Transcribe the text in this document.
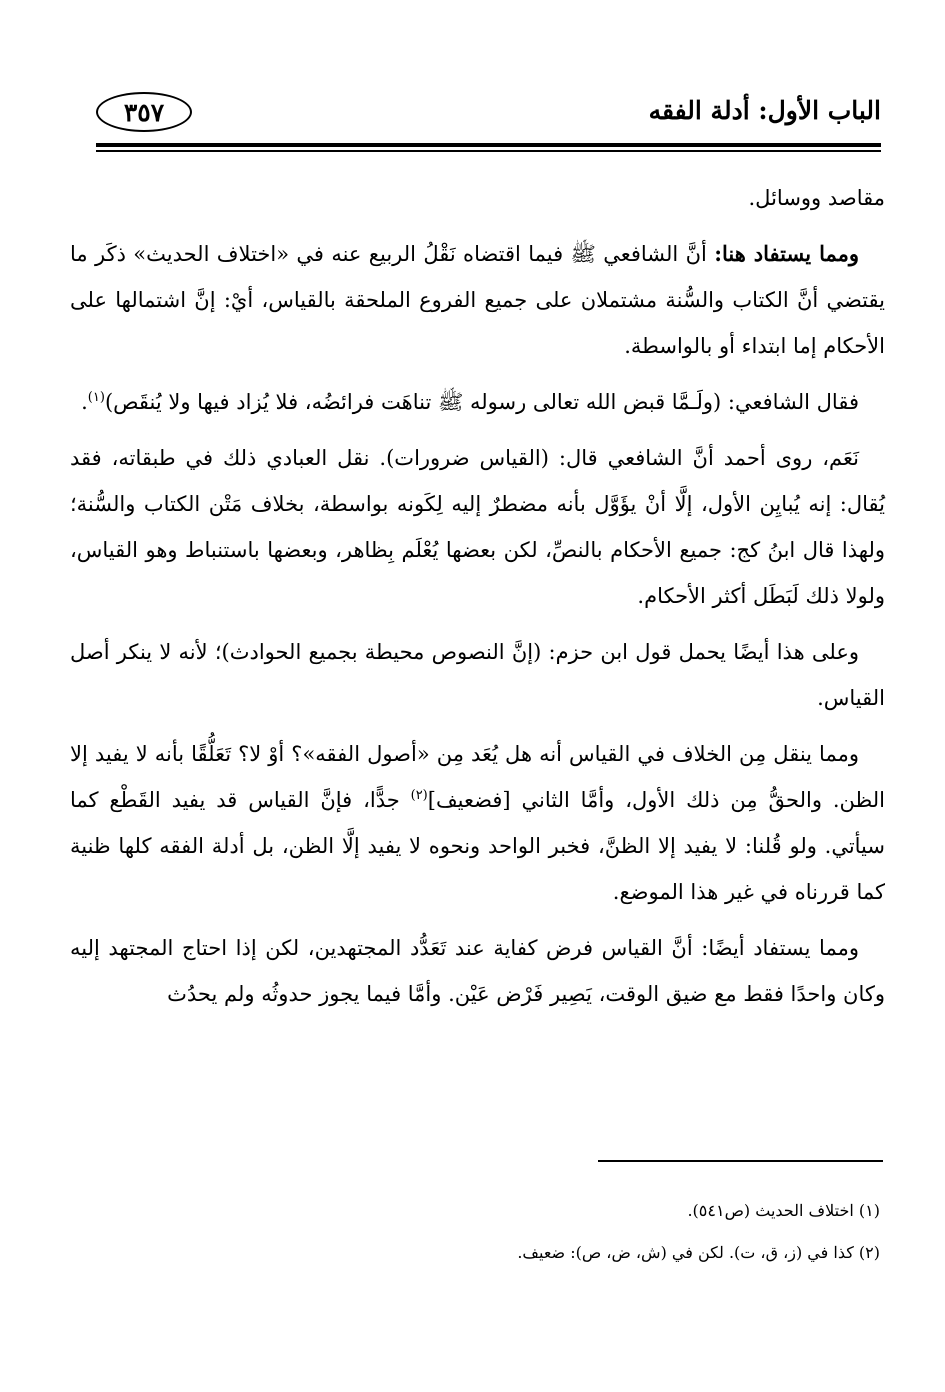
الباب الأول: أدلة الفقه
٣٥٧

مقاصد ووسائل.

ومما يستفاد هنا: أنَّ الشافعي ﷺ فيما اقتضاه نَقْلُ الربيع عنه في «اختلاف الحديث» ذكَر ما يقتضي أنَّ الكتاب والسُّنة مشتملان على جميع الفروع الملحقة بالقياس، أيْ: إنَّ اشتمالها على الأحكام إما ابتداء أو بالواسطة.

فقال الشافعي: (ولَـمَّا قبض الله تعالى رسوله ﷺ تناهَت فرائضُه، فلا يُزاد فيها ولا يُنقَص)$^{(١)}$.

نَعَم، روى أحمد أنَّ الشافعي قال: (القياس ضرورات). نقل العبادي ذلك في طبقاته، فقد يُقال: إنه يُبايِن الأول، إلَّا أنْ يؤَوَّل بأنه مضطرٌ إليه لِكَونه بواسطة، بخلاف مَتْن الكتاب والسُّنة؛ ولهذا قال ابنُ كج: جميع الأحكام بالنصِّ، لكن بعضها يُعْلَم بِظاهر، وبعضها باستنباط وهو القياس، ولولا ذلك لَبَطَل أكثر الأحكام.

وعلى هذا أيضًا يحمل قول ابن حزم: (إنَّ النصوص محيطة بجميع الحوادث)؛ لأنه لا ينكر أصل القياس.

ومما ينقل مِن الخلاف في القياس أنه هل يُعَد مِن «أصول الفقه»؟ أوْ لا؟ تَعَلُّقًا بأنه لا يفيد إلا الظن. والحقُّ مِن ذلك الأول، وأمَّا الثاني [فضعيف]$^{(٢)}$ جدًّا، فإنَّ القياس قد يفيد القَطْع كما سيأتي. ولو قُلنا: لا يفيد إلا الظنَّ، فخبر الواحد ونحوه لا يفيد إلَّا الظن، بل أدلة الفقه كلها ظنية كما قررناه في غير هذا الموضع.

ومما يستفاد أيضًا: أنَّ القياس فرض كفاية عند تَعَدُّد المجتهدين، لكن إذا احتاج المجتهد إليه وكان واحدًا فقط مع ضيق الوقت، يَصِير فَرْض عَيْن. وأمَّا فيما يجوز حدوثُه ولم يحدُث

(١) اختلاف الحديث (ص٥٤١).
(٢) كذا في (ز، ق، ت). لكن في (ش، ض، ص): ضعيف.
